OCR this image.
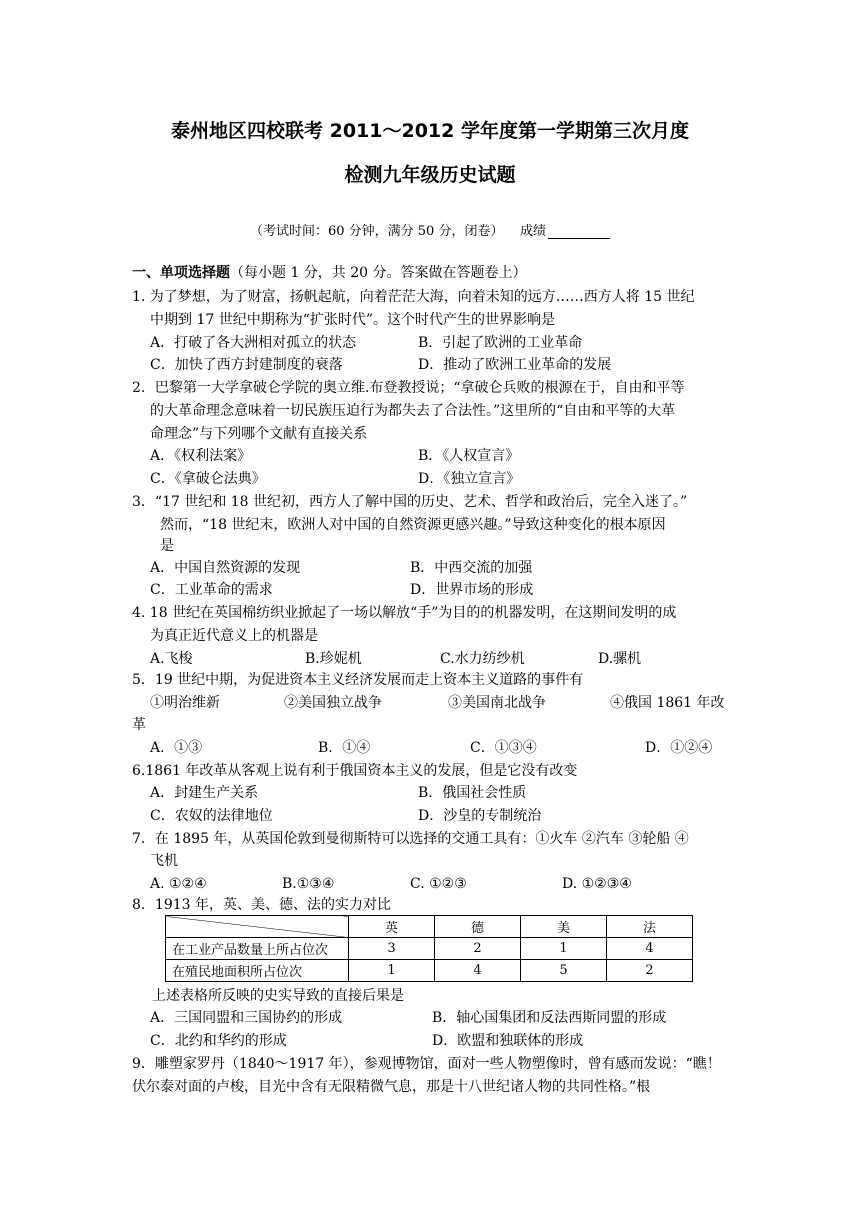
泰州地区四校联考 2011～2012 学年度第一学期第三次月度
检测九年级历史试题
（考试时间：60 分钟，满分 50 分，闭卷） 成绩
一、单项选择题（每小题 1 分，共 20 分。答案做在答题卷上）
1. 为了梦想，为了财富，扬帆起航，向着茫茫大海，向着未知的远方……西方人将 15 世纪
中期到 17 世纪中期称为“扩张时代”。这个时代产生的世界影响是
A．打破了各大洲相对孤立的状态	B．引起了欧洲的工业革命
C．加快了西方封建制度的衰落	D．推动了欧洲工业革命的发展
2．巴黎第一大学拿破仑学院的奥立维.布登教授说；“拿破仑兵败的根源在于，自由和平等
的大革命理念意味着一切民族压迫行为都失去了合法性。”这里所的“自由和平等的大革
命理念”与下列哪个文献有直接关系
A．《权利法案》	B．《人权宣言》
C．《拿破仑法典》	D．《独立宣言》
3．“17 世纪和 18 世纪初，西方人了解中国的历史、艺术、哲学和政治后，完全入迷了。”
然而，“18 世纪末，欧洲人对中国的自然资源更感兴趣。”导致这种变化的根本原因
是
A．中国自然资源的发现	B．中西交流的加强
C．工业革命的需求	D．世界市场的形成
4. 18 世纪在英国棉纺织业掀起了一场以解放“手”为目的的机器发明，在这期间发明的成
为真正近代意义上的机器是
A.飞梭	B.珍妮机	C.水力纺纱机	D.骡机
5．19 世纪中期，为促进资本主义经济发展而走上资本主义道路的事件有
①明治维新	②美国独立战争	③美国南北战争	④俄国 1861 年改
革
A．①③	B．①④	C．①③④	D．①②④
6.1861 年改革从客观上说有利于俄国资本主义的发展，但是它没有改变
A．封建生产关系	B．俄国社会性质
C．农奴的法律地位	D．沙皇的专制统治
7．在 1895 年，从英国伦敦到曼彻斯特可以选择的交通工具有：①火车 ②汽车 ③轮船 ④
飞机
A. ①②④	B.①③④	C. ①②③	D. ①②③④
8．1913 年，英、美、德、法的实力对比
	英	德	美	法
在工业产品数量上所占位次	3	2	1	4
在殖民地面积所占位次	1	4	5	2
上述表格所反映的史实导致的直接后果是
A．三国同盟和三国协约的形成	B．轴心国集团和反法西斯同盟的形成
C．北约和华约的形成	D．欧盟和独联体的形成
9．雕塑家罗丹（1840～1917 年），参观博物馆，面对一些人物塑像时，曾有感而发说：“瞧！
伏尔泰对面的卢梭，目光中含有无限精微气息，那是十八世纪诸人物的共同性格。”根
